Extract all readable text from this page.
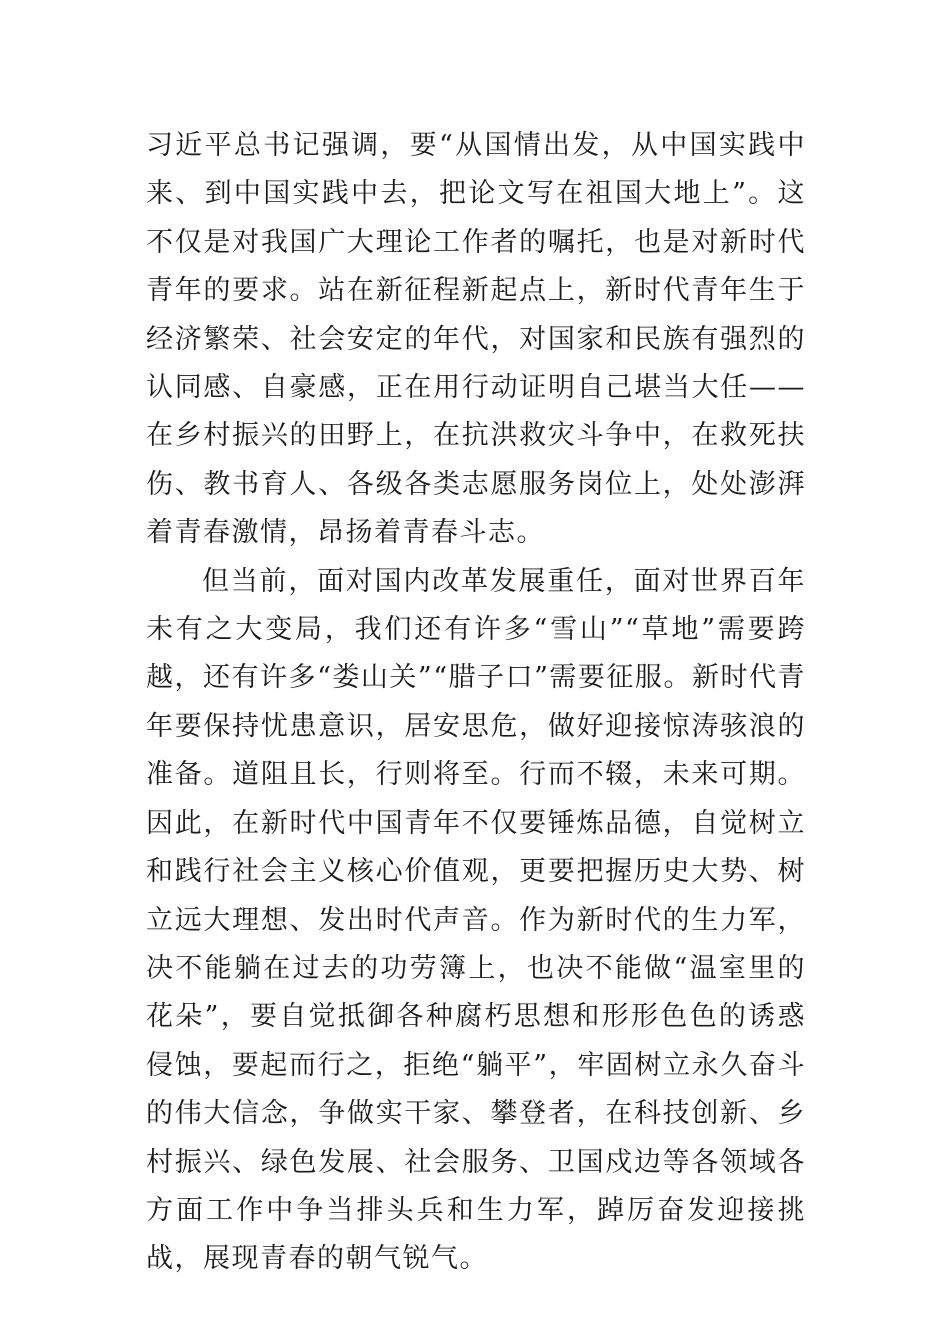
习近平总书记强调，要“从国情出发，从中国实践中来、到中国实践中去，把论文写在祖国大地上”。这不仅是对我国广大理论工作者的嘱托，也是对新时代青年的要求。站在新征程新起点上，新时代青年生于经济繁荣、社会安定的年代，对国家和民族有强烈的认同感、自豪感，正在用行动证明自己堪当大任——在乡村振兴的田野上，在抗洪救灾斗争中，在救死扶伤、教书育人、各级各类志愿服务岗位上，处处澎湃着青春激情，昂扬着青春斗志。

但当前，面对国内改革发展重任，面对世界百年未有之大变局，我们还有许多“雪山”“草地”需要跨越，还有许多“娄山关”“腊子口”需要征服。新时代青年要保持忧患意识，居安思危，做好迎接惊涛骇浪的准备。道阻且长，行则将至。行而不辍，未来可期。因此，在新时代中国青年不仅要锤炼品德，自觉树立和践行社会主义核心价值观，更要把握历史大势、树立远大理想、发出时代声音。作为新时代的生力军，决不能躺在过去的功劳簿上，也决不能做“温室里的花朵”，要自觉抵御各种腐朽思想和形形色色的诱惑侵蚀，要起而行之，拒绝“躺平”，牢固树立永久奋斗的伟大信念，争做实干家、攀登者，在科技创新、乡村振兴、绿色发展、社会服务、卫国戍边等各领域各方面工作中争当排头兵和生力军，踔厉奋发迎接挑战，展现青春的朝气锐气。
